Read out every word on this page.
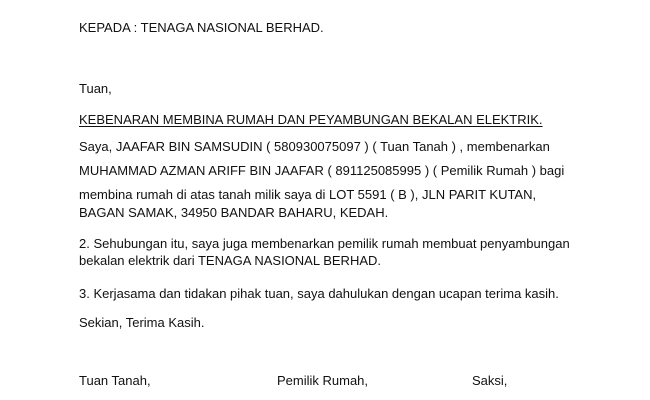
KEPADA : TENAGA NASIONAL BERHAD.
Tuan,
KEBENARAN MEMBINA RUMAH DAN PEYAMBUNGAN BEKALAN ELEKTRIK.
Saya, JAAFAR BIN SAMSUDIN ( 580930075097 ) ( Tuan Tanah ) , membenarkan
MUHAMMAD AZMAN ARIFF BIN JAAFAR ( 891125085995 ) ( Pemilik Rumah ) bagi
membina rumah di atas tanah milik saya di LOT 5591 ( B ), JLN PARIT KUTAN,
BAGAN SAMAK, 34950 BANDAR BAHARU, KEDAH.
2. Sehubungan itu, saya juga membenarkan pemilik rumah membuat penyambungan
bekalan elektrik dari TENAGA NASIONAL BERHAD.
3. Kerjasama dan tidakan pihak tuan, saya dahulukan dengan ucapan terima kasih.
Sekian, Terima Kasih.
Tuan Tanah,	Pemilik Rumah,	Saksi,
